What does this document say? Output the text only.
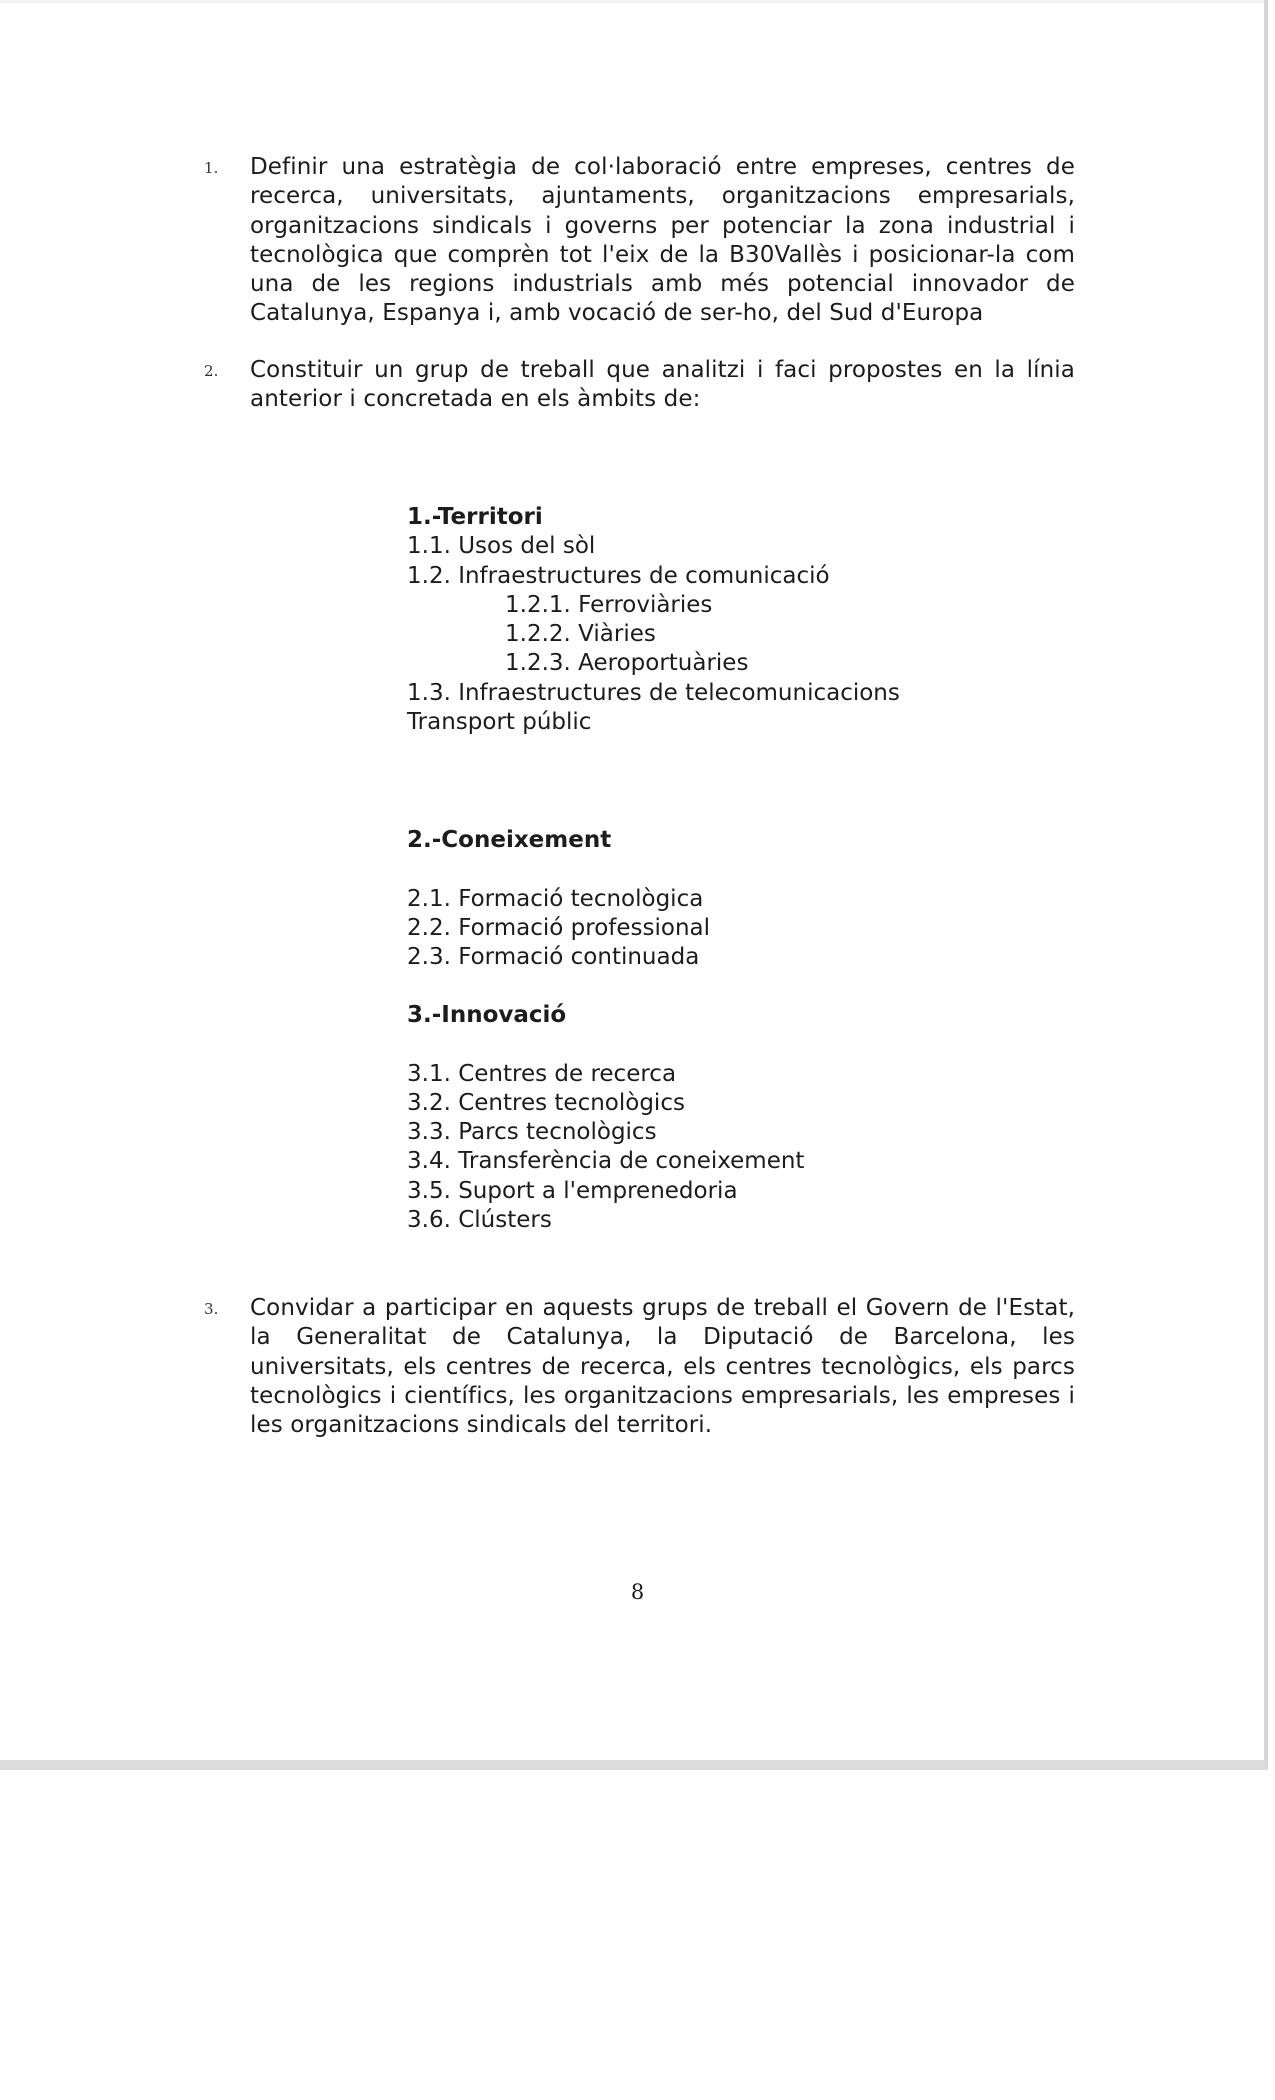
1. Definir una estratègia de col·laboració entre empreses, centres de recerca, universitats, ajuntaments, organitzacions empresarials, organitzacions sindicals i governs per potenciar la zona industrial i tecnològica que comprèn tot l'eix de la B30Vallès i posicionar-la com una de les regions industrials amb més potencial innovador de Catalunya, Espanya i, amb vocació de ser-ho, del Sud d'Europa
2. Constituir un grup de treball que analitzi i faci propostes en la línia anterior i concretada en els àmbits de:
1.-Territori
1.1. Usos del sòl
1.2. Infraestructures de comunicació
1.2.1. Ferroviàries
1.2.2. Viàries
1.2.3. Aeroportuàries
1.3. Infraestructures de telecomunicacions
Transport públic
2.-Coneixement
2.1. Formació tecnològica
2.2. Formació professional
2.3. Formació continuada
3.-Innovació
3.1. Centres de recerca
3.2. Centres tecnològics
3.3. Parcs tecnològics
3.4. Transferència de coneixement
3.5. Suport a l'emprenedoria
3.6. Clústers
3. Convidar a participar en aquests grups de treball el Govern de l'Estat, la Generalitat de Catalunya, la Diputació de Barcelona, les universitats, els centres de recerca, els centres tecnològics, els parcs tecnològics i científics, les organitzacions empresarials, les empreses i les organitzacions sindicals del territori.
8
